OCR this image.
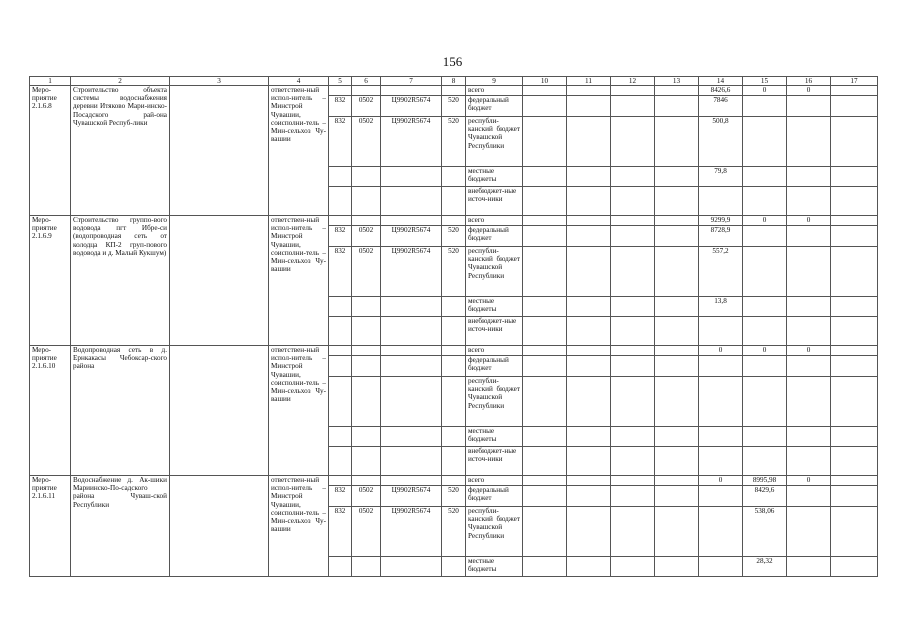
156
1	2	3	4	5	6	7	8	9	10	11	12	13	14	15	16	17
Меро-приятие 2.1.6.8	Строительство объекта системы водоснабжения деревни Итяково Мари-инско-Посадского рай-она Чувашской Респуб-лики		ответствен-ный испол-нитель – Минстрой Чувашии, соисполни-тель – Мин-сельхоз Чу-вашии					всего					8426,6	0	0	
				832	0502	Ц9902R5674	520	федеральный бюджет					7846			
				832	0502	Ц9902R5674	520	республи-канский бюджет Чувашской Республики					500,8			
								местные бюджеты					79,8			
								внебюджет-ные источ-ники								
Меро-приятие 2.1.6.9	Строительство группо-вого водовода пгт Ибре-си (водопроводная сеть от колодца КП-2 груп-пового водовода и д. Малый Кукшум)		ответствен-ный испол-нитель – Минстрой Чувашии, соисполни-тель – Мин-сельхоз Чу-вашии					всего					9299,9	0	0	
				832	0502	Ц9902R5674	520	федеральный бюджет					8728,9			
				832	0502	Ц9902R5674	520	республи-канский бюджет Чувашской Республики					557,2			
								местные бюджеты					13,8			
								внебюджет-ные источ-ники								
Меро-приятие 2.1.6.10	Водопроводная сеть в д. Ернкакасы Чебоксар-ского района		ответствен-ный испол-нитель – Минстрой Чувашии, соисполни-тель – Мин-сельхоз Чу-вашии					всего					0	0	0	
								федеральный бюджет								
								республи-канский бюджет Чувашской Республики								
								местные бюджеты								
								внебюджет-ные источ-ники								
Меро-приятие 2.1.6.11	Водоснабжение д. Ак-шики Мариинско-По-садского района Чуваш-ской Республики		ответствен-ный испол-нитель – Минстрой Чувашии, соисполни-тель – Мин-сельхоз Чу-вашии					всего					0	8995,98	0	
				832	0502	Ц9902R5674	520	федеральный бюджет						8429,6		
				832	0502	Ц9902R5674	520	республи-канский бюджет Чувашской Республики						538,06		
								местные бюджеты						28,32		
